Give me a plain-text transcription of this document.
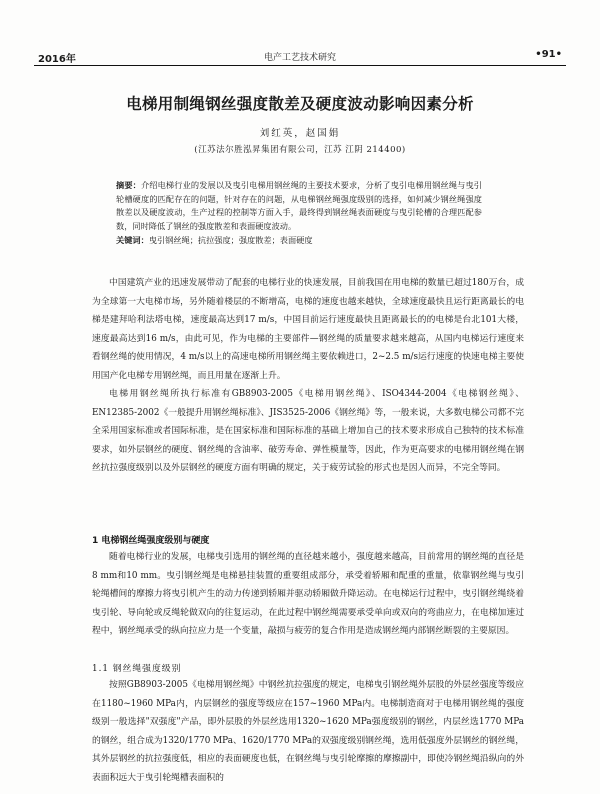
2016年	电产工艺技术研究	•91•
电梯用制绳钢丝强度散差及硬度波动影响因素分析
刘红英，赵国娟
(江苏法尔胜泓昇集团有限公司，江苏 江阴 214400)
摘要：介绍电梯行业的发展以及曳引电梯用钢丝绳的主要技术要求，分析了曳引电梯用钢丝绳与曳引轮槽硬度的匹配存在的问题，针对存在的问题，从电梯钢丝绳强度级别的选择，如何减少钢丝绳强度散差以及硬度波动，生产过程的控制等方面入手，最终得到钢丝绳表面硬度与曳引轮槽的合理匹配参数，同时降低了钢丝的强度散差和表面硬度波动。
关键词：曳引钢丝绳；抗拉强度；强度散差；表面硬度

中国建筑产业的迅速发展带动了配套的电梯行业的快速发展，目前我国在用电梯的数量已超过180万台，成为全球第一大电梯市场，另外随着楼层的不断增高，电梯的速度也越来越快，全球速度最快且运行距离最长的电梯是建拜哈利法塔电梯，速度最高达到17 m/s，中国目前运行速度最快且距离最长的的电梯是台北101大楼，速度最高达到16 m/s，由此可见，作为电梯的主要部件—钢丝绳的质量要求越来越高，从国内电梯运行速度来看钢丝绳的使用情况，4 m/s以上的高速电梯所用钢丝绳主要依赖进口，2~2.5 m/s运行速度的快速电梯主要使用国产化电梯专用钢丝绳，而且用量在逐渐上升。

电梯用钢丝绳所执行标准有GB8903-2005《电梯用钢丝绳》、ISO4344-2004《电梯钢丝绳》、EN12385-2002《一般提升用钢丝绳标准》、JIS3525-2006《钢丝绳》等，一般来说，大多数电梯公司都不完全采用国家标准或者国际标准，是在国家标准和国际标准的基础上增加自己的技术要求形成自己独特的技术标准要求，如外层钢丝的硬度、钢丝绳的含油率、破劳寿命、弹性模量等，因此，作为更高要求的电梯用钢丝绳在钢丝抗拉强度级别以及外层钢丝的硬度方面有明确的规定，关于疲劳试验的形式也是因人而异，不完全等同。

1 电梯钢丝绳强度级别与硬度

随着电梯行业的发展，电梯曳引选用的钢丝绳的直径越来越小，强度越来越高，目前常用的钢丝绳的直径是8 mm和10 mm。曳引钢丝绳是电梯悬挂装置的重要组成部分，承受着轿厢和配重的重量，依靠钢丝绳与曳引轮绳槽间的摩擦力将曳引机产生的动力传递到轿厢并驱动轿厢做升降运动。在电梯运行过程中，曳引钢丝绳绕着曳引轮、导向轮或反绳轮做双向的往复运动，在此过程中钢丝绳需要承受单向或双向的弯曲应力，在电梯加速过程中，钢丝绳承受的纵向拉应力是一个变量，敲损与疲劳的复合作用是造成钢丝绳内部钢丝断裂的主要原因。

1.1 钢丝绳强度级别

按照GB8903-2005《电梯用钢丝绳》中钢丝抗拉强度的规定，电梯曳引钢丝绳外层股的外层丝强度等级应在1180~1960 MPa内，内层钢丝的强度等级应在157~1960 MPa内。电梯制造商对于电梯用钢丝绳的强度级别一般选择"双强度"产品，即外层股的外层丝选用1320~1620 MPa强度级别的钢丝，内层丝选1770 MPa的钢丝，组合成为1320/1770 MPa、1620/1770 MPa的双强度级别钢丝绳，选用低强度外层钢丝的钢丝绳，其外层钢丝的抗拉强度低，相应的表面硬度也低，在钢丝绳与曳引轮摩擦的摩擦副中，即使冷钢丝绳沿纵向的外表面积远大于曳引轮绳槽表面积的
